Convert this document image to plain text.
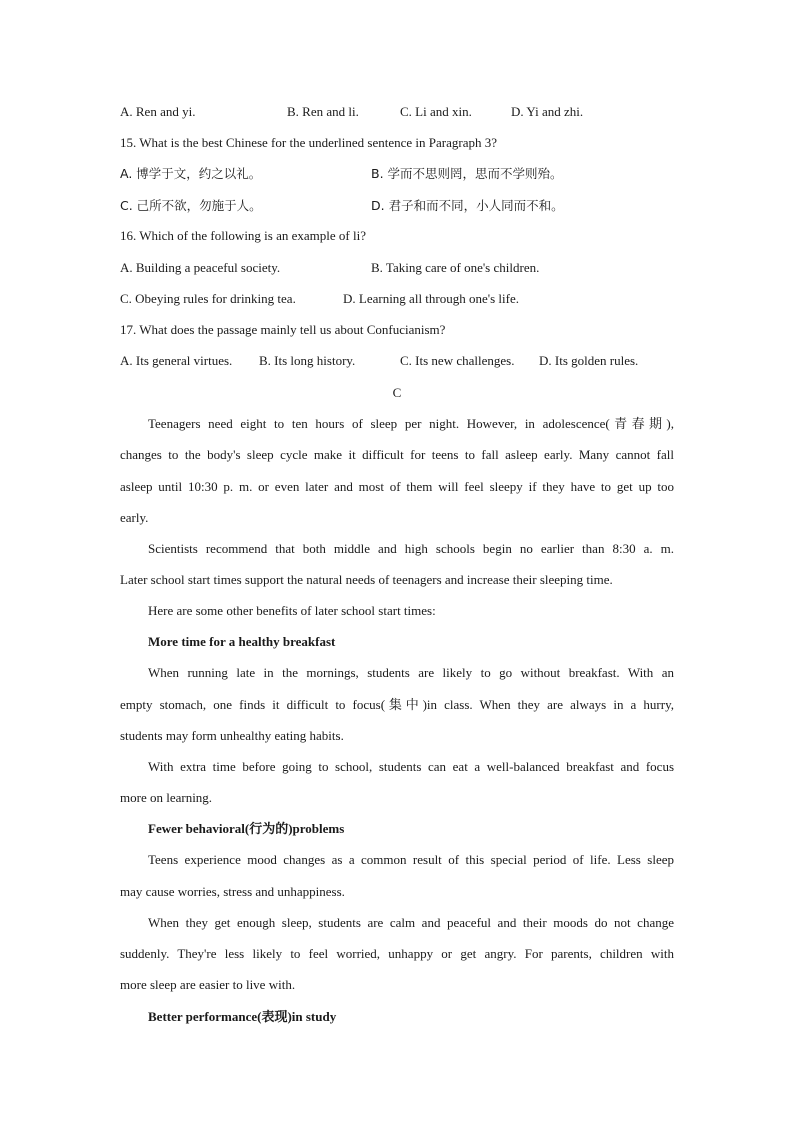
A. Ren and yi.	B. Ren and li.	C. Li and xin.	D. Yi and zhi.
15. What is the best Chinese for the underlined sentence in Paragraph 3?
A. 博学于文，约之以礼。	B. 学而不思则罔，思而不学则殆。
C. 己所不欲，勿施于人。	D. 君子和而不同，小人同而不和。
16. Which of the following is an example of li?
A. Building a peaceful society.	B. Taking care of one's children.
C. Obeying rules for drinking tea.	D. Learning all through one's life.
17. What does the passage mainly tell us about Confucianism?
A. Its general virtues. B. Its long history.	C. Its new challenges. D. Its golden rules.
C
Teenagers need eight to ten hours of sleep per night. However, in adolescence(青春期),
changes to the body's sleep cycle make it difficult for teens to fall asleep early. Many cannot fall
asleep until 10:30 p. m. or even later and most of them will feel sleepy if they have to get up too
early.
Scientists recommend that both middle and high schools begin no earlier than 8:30 a. m.
Later school start times support the natural needs of teenagers and increase their sleeping time.
Here are some other benefits of later school start times:
More time for a healthy breakfast
When running late in the mornings, students are likely to go without breakfast. With an
empty stomach, one finds it difficult to focus(集中)in class. When they are always in a hurry,
students may form unhealthy eating habits.
With extra time before going to school, students can eat a well-balanced breakfast and focus
more on learning.
Fewer behavioral(行为的)problems
Teens experience mood changes as a common result of this special period of life. Less sleep
may cause worries, stress and unhappiness.
When they get enough sleep, students are calm and peaceful and their moods do not change
suddenly. They're less likely to feel worried, unhappy or get angry. For parents, children with
more sleep are easier to live with.
Better performance(表现)in study
